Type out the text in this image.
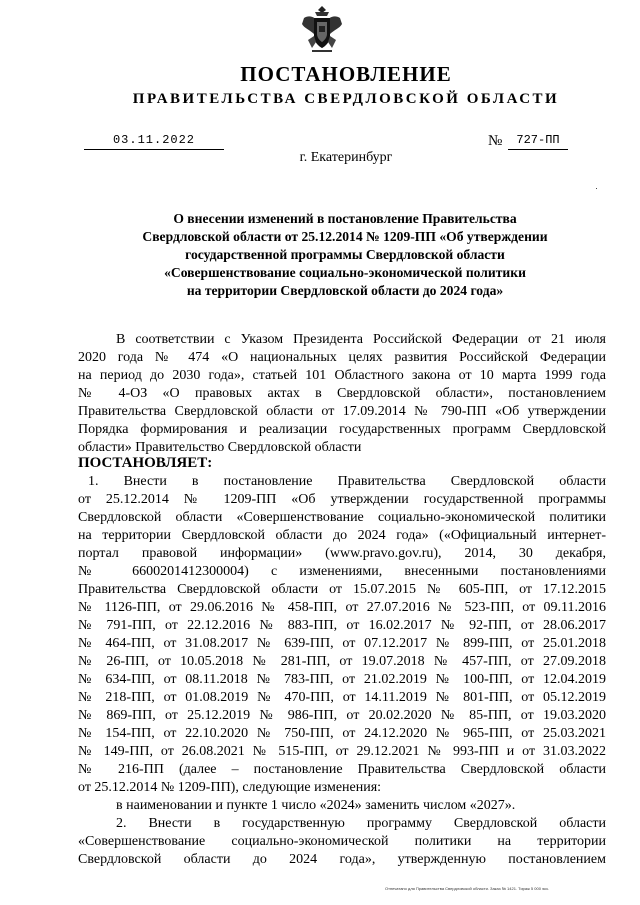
ПОСТАНОВЛЕНИЕ
ПРАВИТЕЛЬСТВА СВЕРДЛОВСКОЙ ОБЛАСТИ
03.11.2022	№	727-ПП
г. Екатеринбург
О внесении изменений в постановление Правительства
Свердловской области от 25.12.2014 № 1209-ПП «Об утверждении
государственной программы Свердловской области
«Совершенствование социально-экономической политики
на территории Свердловской области до 2024 года»
В соответствии с Указом Президента Российской Федерации от 21 июля
2020 года № 474 «О национальных целях развития Российской Федерации
на период до 2030 года», статьей 101 Областного закона от 10 марта 1999 года
№ 4-ОЗ «О правовых актах в Свердловской области», постановлением
Правительства Свердловской области от 17.09.2014 № 790-ПП «Об утверждении
Порядка формирования и реализации государственных программ Свердловской
области» Правительство Свердловской области
ПОСТАНОВЛЯЕТ:
1. Внести в постановление Правительства Свердловской области
от 25.12.2014 № 1209-ПП «Об утверждении государственной программы
Свердловской области «Совершенствование социально-экономической политики
на территории Свердловской области до 2024 года» («Официальный интернет-
портал правовой информации» (www.pravo.gov.ru), 2014, 30 декабря,
№ 6600201412300004) с изменениями, внесенными постановлениями
Правительства Свердловской области от 15.07.2015 № 605-ПП, от 17.12.2015
№ 1126-ПП, от 29.06.2016 № 458-ПП, от 27.07.2016 № 523-ПП, от 09.11.2016
№ 791-ПП, от 22.12.2016 № 883-ПП, от 16.02.2017 № 92-ПП, от 28.06.2017
№ 464-ПП, от 31.08.2017 № 639-ПП, от 07.12.2017 № 899-ПП, от 25.01.2018
№ 26-ПП, от 10.05.2018 № 281-ПП, от 19.07.2018 № 457-ПП, от 27.09.2018
№ 634-ПП, от 08.11.2018 № 783-ПП, от 21.02.2019 № 100-ПП, от 12.04.2019
№ 218-ПП, от 01.08.2019 № 470-ПП, от 14.11.2019 № 801-ПП, от 05.12.2019
№ 869-ПП, от 25.12.2019 № 986-ПП, от 20.02.2020 № 85-ПП, от 19.03.2020
№ 154-ПП, от 22.10.2020 № 750-ПП, от 24.12.2020 № 965-ПП, от 25.03.2021
№ 149-ПП, от 26.08.2021 № 515-ПП, от 29.12.2021 № 993-ПП и от 31.03.2022
№ 216-ПП (далее – постановление Правительства Свердловской области
от 25.12.2014 № 1209-ПП), следующие изменения:
в наименовании и пункте 1 число «2024» заменить числом «2027».
2. Внести в государственную программу Свердловской области
«Совершенствование социально-экономической политики на территории
Свердловской области до 2024 года», утвержденную постановлением
Отпечатано для Правительства Свердловской области. Заказ № 1421. Тираж 5 000 экз.
